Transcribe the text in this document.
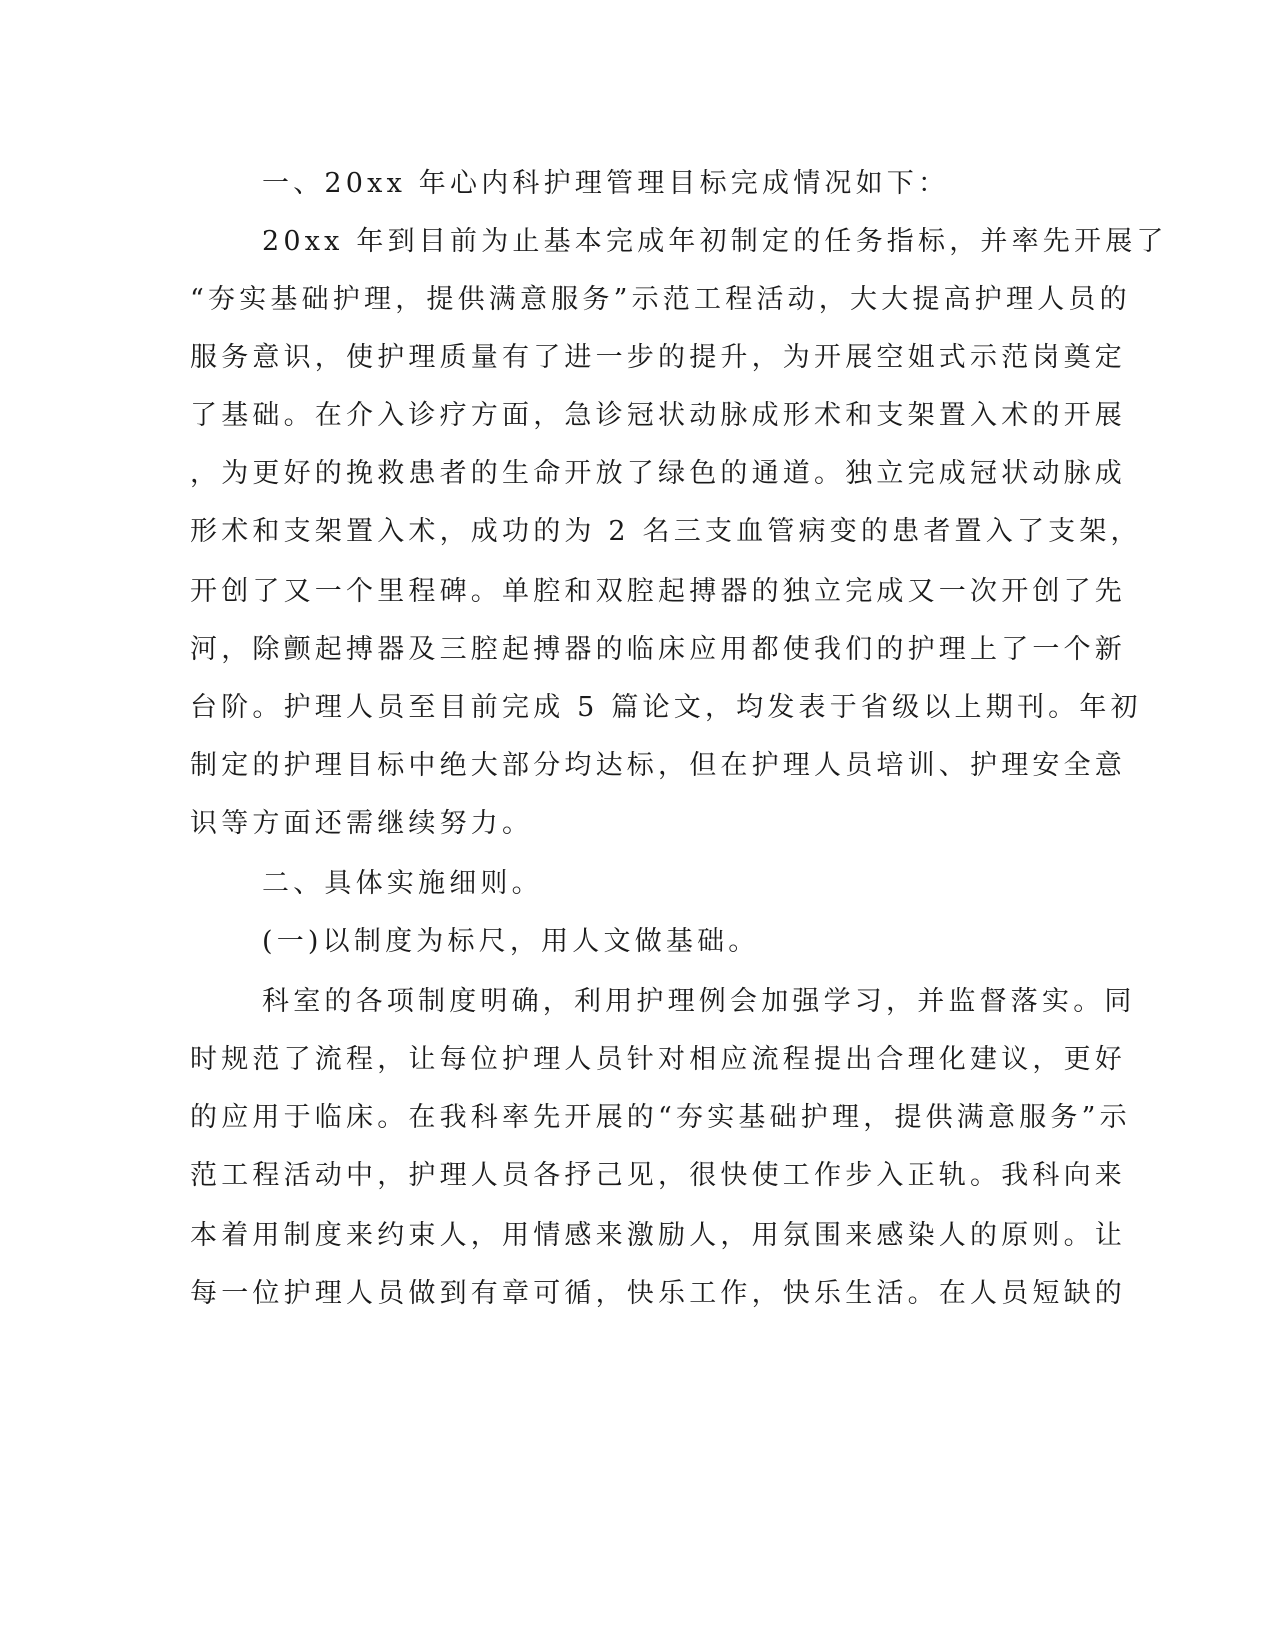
一、20xx 年心内科护理管理目标完成情况如下：
20xx 年到目前为止基本完成年初制定的任务指标，并率先开展了
“夯实基础护理，提供满意服务”示范工程活动，大大提高护理人员的
服务意识，使护理质量有了进一步的提升，为开展空姐式示范岗奠定
了基础。在介入诊疗方面，急诊冠状动脉成形术和支架置入术的开展
，为更好的挽救患者的生命开放了绿色的通道。独立完成冠状动脉成
形术和支架置入术，成功的为 2 名三支血管病变的患者置入了支架，
开创了又一个里程碑。单腔和双腔起搏器的独立完成又一次开创了先
河，除颤起搏器及三腔起搏器的临床应用都使我们的护理上了一个新
台阶。护理人员至目前完成 5 篇论文，均发表于省级以上期刊。年初
制定的护理目标中绝大部分均达标，但在护理人员培训、护理安全意
识等方面还需继续努力。
二、具体实施细则。
(一)以制度为标尺，用人文做基础。
科室的各项制度明确，利用护理例会加强学习，并监督落实。同
时规范了流程，让每位护理人员针对相应流程提出合理化建议，更好
的应用于临床。在我科率先开展的“夯实基础护理，提供满意服务”示
范工程活动中，护理人员各抒己见，很快使工作步入正轨。我科向来
本着用制度来约束人，用情感来激励人，用氛围来感染人的原则。让
每一位护理人员做到有章可循，快乐工作，快乐生活。在人员短缺的
